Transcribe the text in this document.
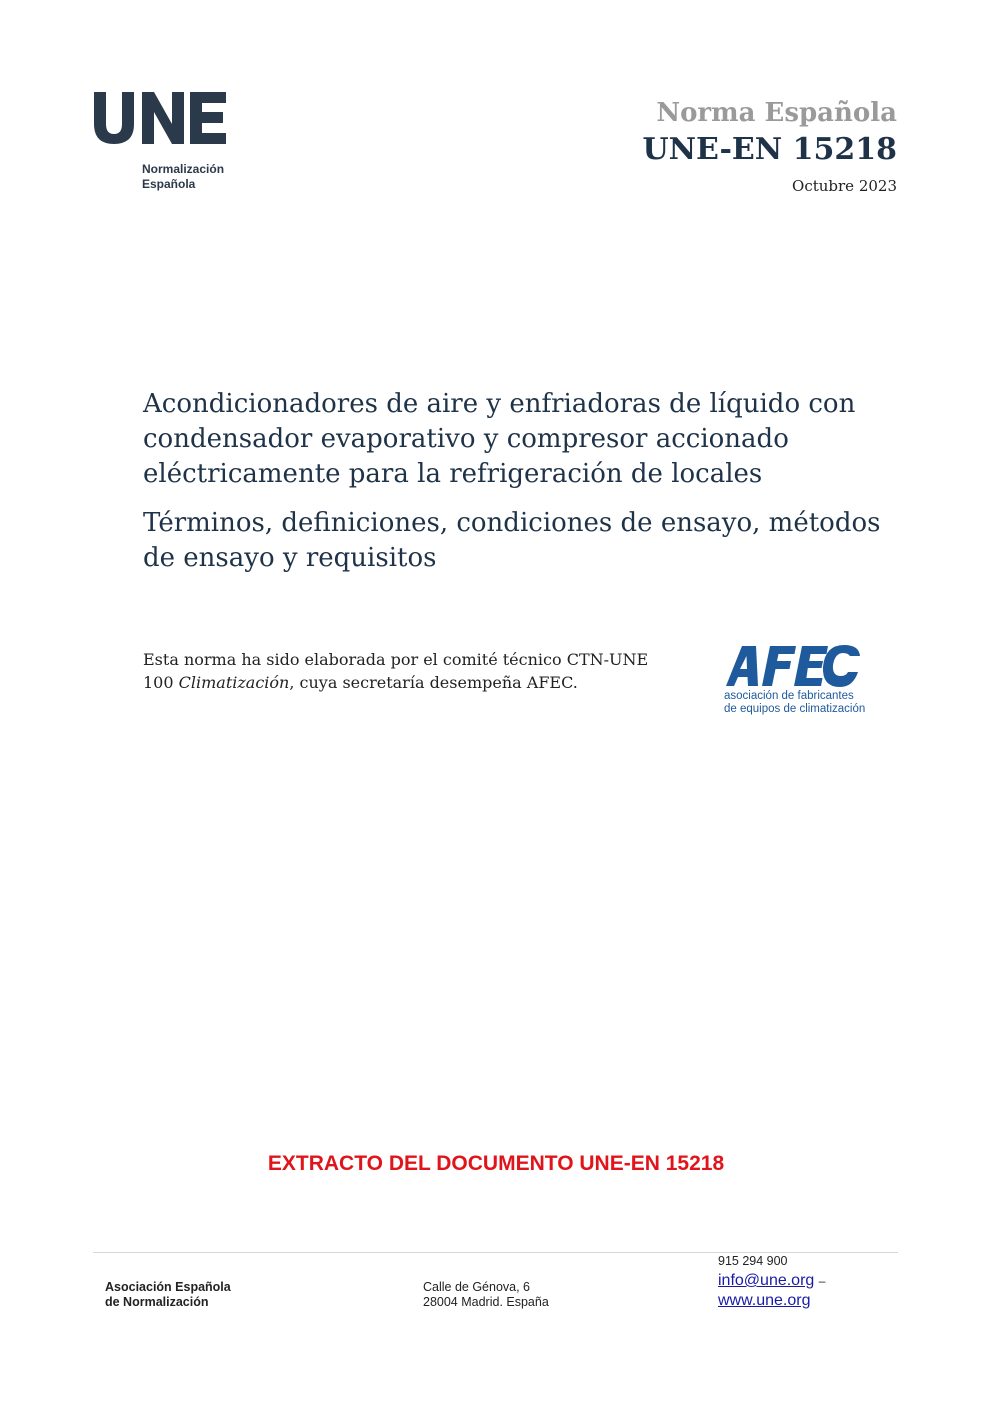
Normalización
Española
Norma Española
UNE-EN 15218
Octubre 2023
Acondicionadores de aire y enfriadoras de líquido con condensador evaporativo y compresor accionado eléctricamente para la refrigeración de locales
Términos, definiciones, condiciones de ensayo, métodos de ensayo y requisitos
Esta norma ha sido elaborada por el comité técnico CTN-UNE 100 Climatización, cuya secretaría desempeña AFEC.
asociación de fabricantes
de equipos de climatización
EXTRACTO DEL DOCUMENTO UNE-EN 15218
Asociación Española
de Normalización
Calle de Génova, 6
28004 Madrid. España
915 294 900
info@une.org –
www.une.org
